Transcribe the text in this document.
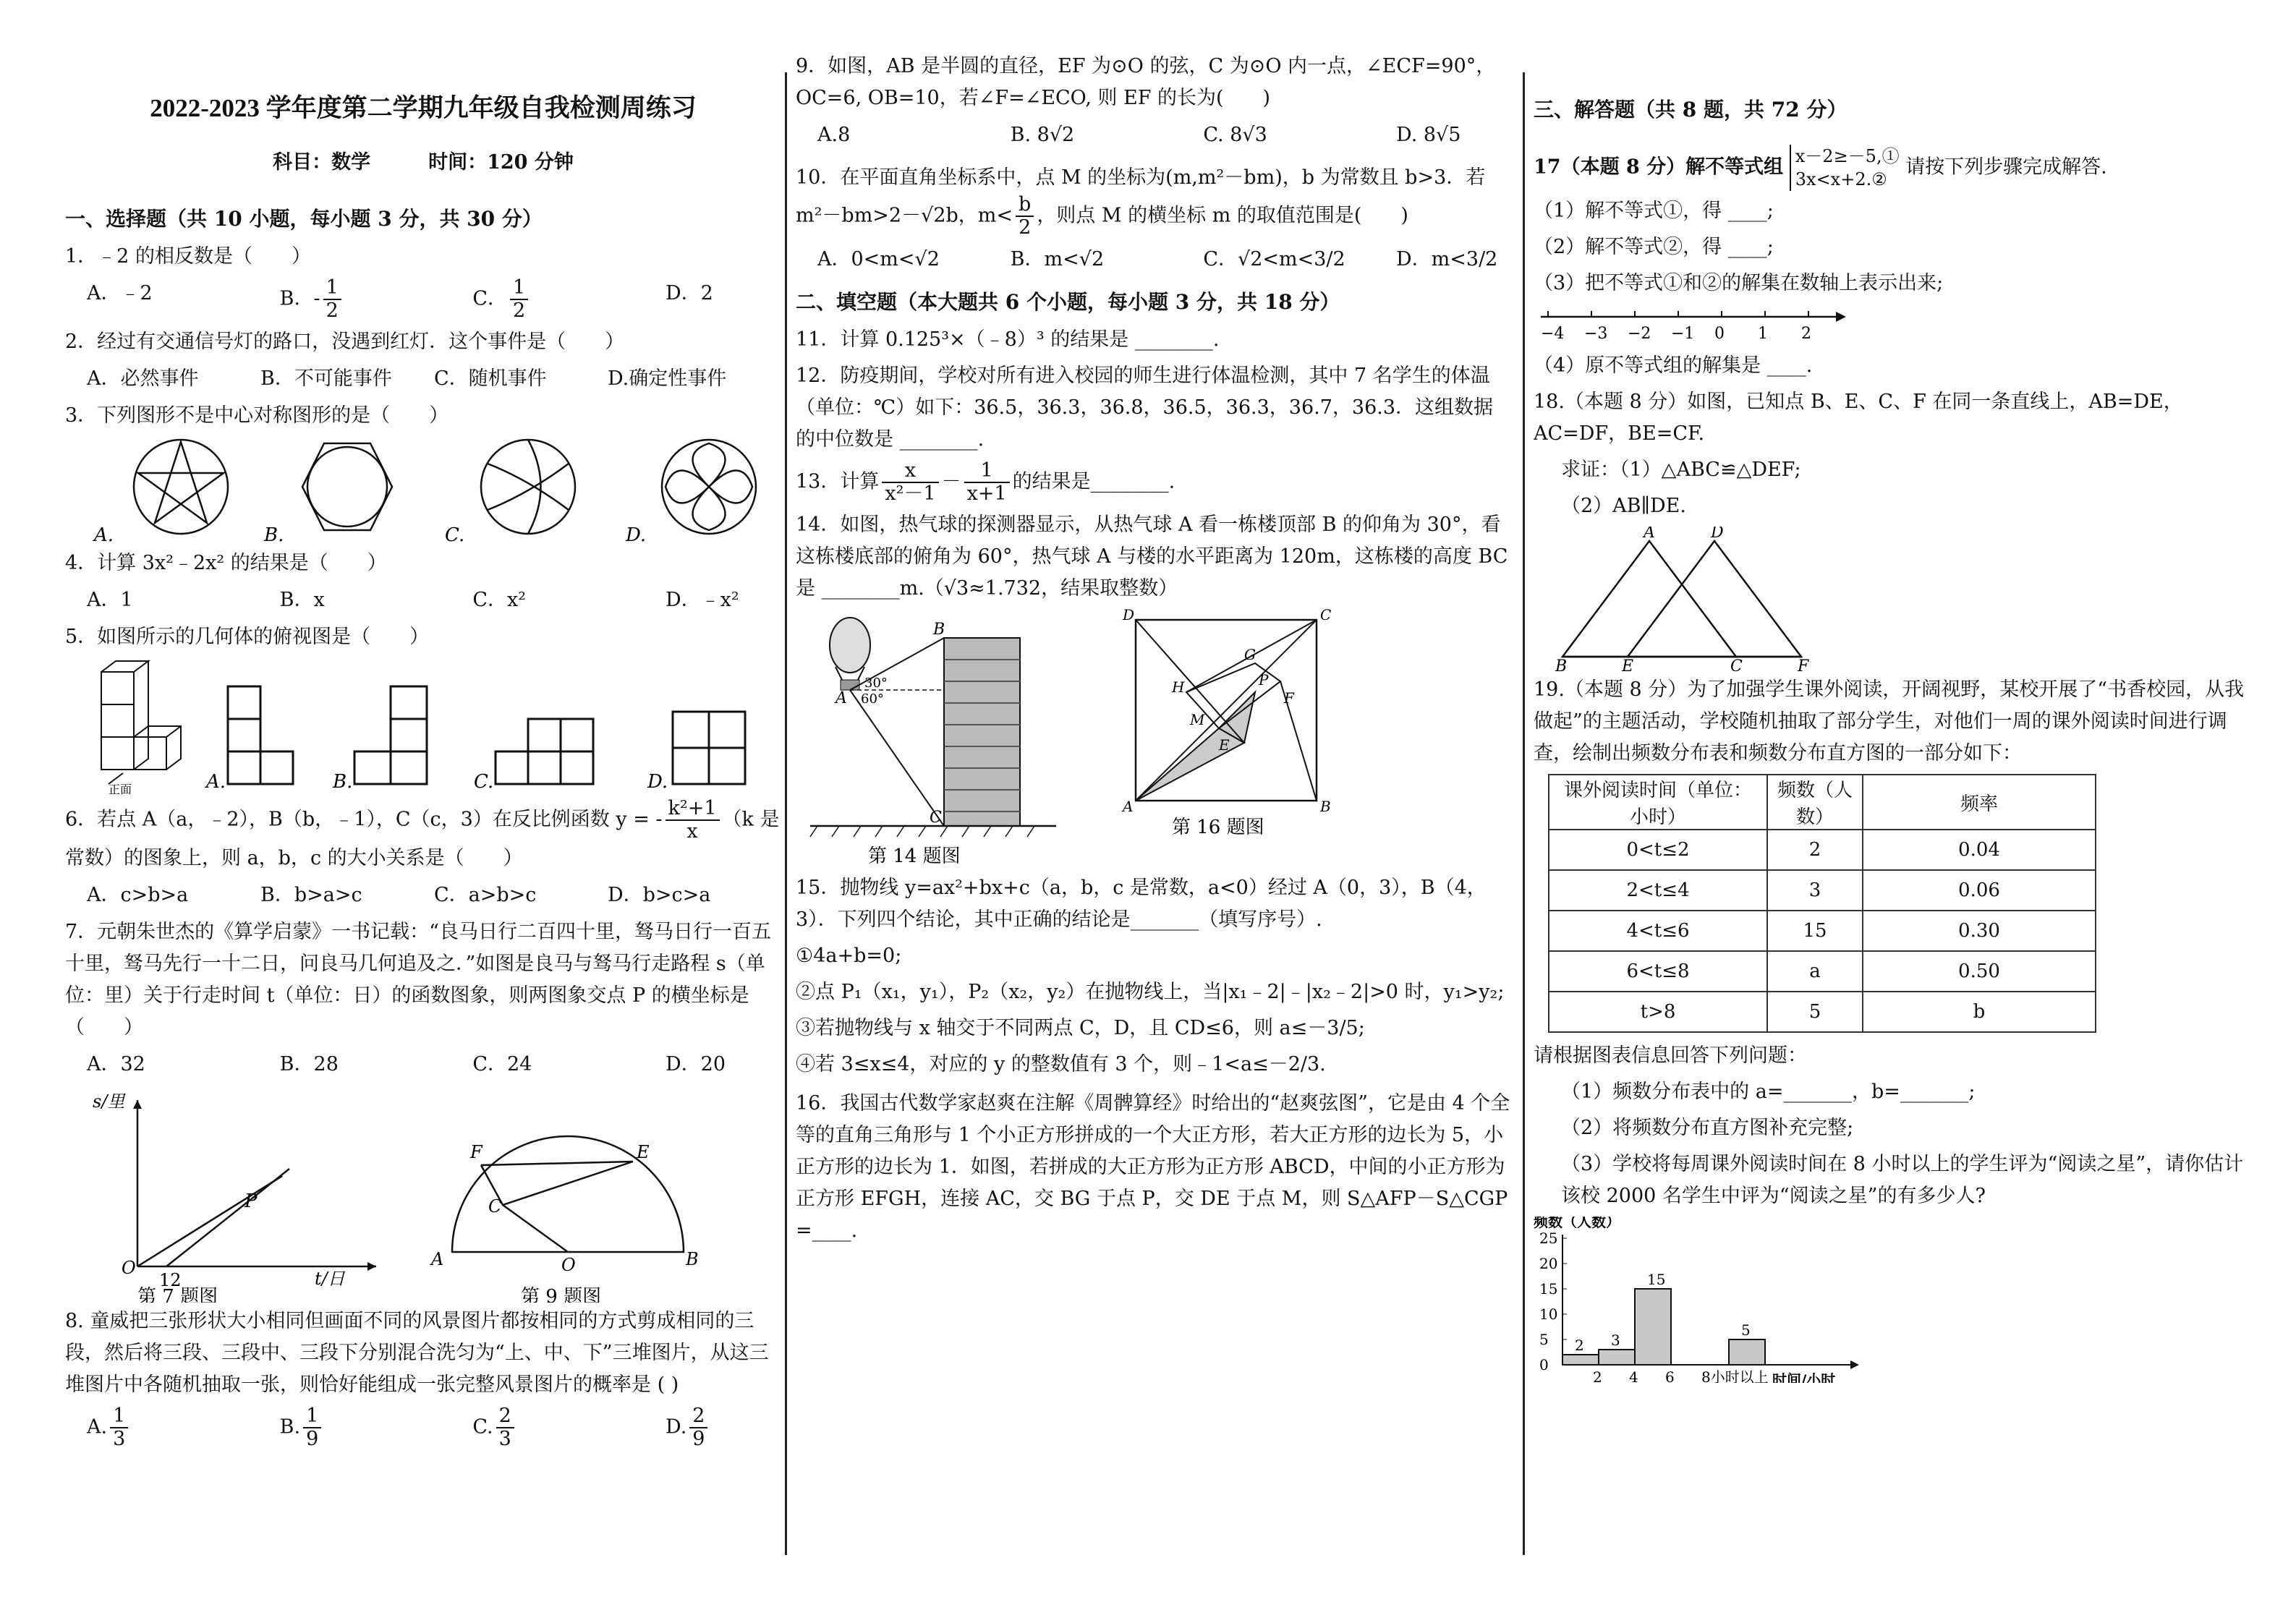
2022-2023 学年度第二学期九年级自我检测周练习
科目：数学	时间：120 分钟
一、选择题（共 10 小题，每小题 3 分，共 30 分）
1．﹣2 的相反数是（　　）
A．﹣2	B．- $\frac{1}{2}$	C． $\frac{1}{2}$	D．2
2．经过有交通信号灯的路口，没遇到红灯．这个事件是（　　）
A．必然事件	B．不可能事件	C．随机事件	D.确定性事件
3．下列图形不是中心对称图形的是（　　）
A.	B.	C.	D.
4．计算 3x²﹣2x² 的结果是（　　）
A．1	B．x	C．x²	D．﹣x²
5．如图所示的几何体的俯视图是（　　）
正面	A.	B.	C.	D.
6．若点 A（a，﹣2），B（b，﹣1），C（c，3）在反比例函数 y = - $\frac{\text{k²+1}}{x} (k$ 是
常数）的图象上，则 a，b，c 的大小关系是（　　）
A．c>b>a	B．b>a>c	C．a>b>c	D．b>c>a
7．元朝朱世杰的《算学启蒙》一书记载：“良马日行二百四十里，驽马日行一百五十里，驽马先行一十二日，问良马几何追及之．”如图是良马与驽马行走路程 s（单位：里）关于行走时间 t（单位：日）的函数图象，则两图象交点 P 的横坐标是（　　）
A．32	B．28	C．24	D．20
s/里
O
12	t/日
P
第 7 题图
A	B
O
C
E
F
第 9 题图
8. 童威把三张形状大小相同但画面不同的风景图片都按相同的方式剪成相同的三段，然后将三段、三段中、三段下分别混合洗匀为“上、中、下”三堆图片，从这三堆图片中各随机抽取一张，则恰好能组成一张完整风景图片的概率是 ( )
A. $\frac{1}{3}$	B. $\frac{1}{9}$	C. $\frac{2}{3}$	D. $\frac{2}{9}$
9．如图，AB 是半圆的直径，EF 为⊙O 的弦，C 为⊙O 内一点，∠ECF=90°，OC=6, OB=10，若∠F=∠ECO, 则 EF 的长为(　　)
A.8	B. 8√2	C. 8√3	D. 8√5
10．在平面直角坐标系中，点 M 的坐标为(m,m²－bm)，b 为常数且 b>3．若
m²－bm>2－√2b，$m< \frac{b}{2}$ ，则点 M 的横坐标 m 的取值范围是(　　)
A．0<m<√2	B．m<√2	C．√2<m<3/2	D．m<3/2
二、填空题（本大题共 6 个小题，每小题 3 分，共 18 分）
11．计算 0.125³×（﹣8）³ 的结果是 ________.
12．防疫期间，学校对所有进入校园的师生进行体温检测，其中 7 名学生的体温（单位：℃）如下：36.5，36.3，36.8，36.5，36.3，36.7，36.3．这组数据的中位数是 ________.
13．计算 $\frac{x}{\text{x²－1}} - \frac{1}{x+1}$ 的结果是________.
14．如图，热气球的探测器显示，从热气球 A 看一栋楼顶部 B 的仰角为 30°，看这栋楼底部的俯角为 60°，热气球 A 与楼的水平距离为 120m，这栋楼的高度 BC 是 ________m.（√3≈1.732，结果取整数）
30°
60°
A
B
C
第 14 题图
D	C
A	B
G
H
F
M
P
E
第 16 题图
15．抛物线 y=ax²+bx+c（a，b，c 是常数，a<0）经过 A（0，3），B（4，3）．下列四个结论，其中正确的结论是_______（填写序号）.
①4a+b=0;
②点 P₁（x₁，y₁），P₂（x₂，y₂）在抛物线上，当|x₁﹣2|﹣|x₂﹣2|>0 时，y₁>y₂;
③若抛物线与 x 轴交于不同两点 C，D，且 CD≤6，则 a≤－3/5;
④若 3≤x≤4，对应的 y 的整数值有 3 个，则﹣1<a≤－2/3.
16．我国古代数学家赵爽在注解《周髀算经》时给出的“赵爽弦图”，它是由 4 个全等的直角三角形与 1 个小正方形拼成的一个大正方形，若大正方形的边长为 5，小正方形的边长为 1．如图，若拼成的大正方形为正方形 ABCD，中间的小正方形为正方形 EFGH，连接 AC，交 BG 于点 P，交 DE 于点 M，则 S△AFP－S△CGP =____.
三、解答题（共 8 题，共 72 分）
17（本题 8 分）解不等式组 x－2≥－5,①
3x<x+2.②
请按下列步骤完成解答.
（1）解不等式①，得 ____;
（2）解不等式②，得 ____;
（3）把不等式①和②的解集在数轴上表示出来;
−4 −3 −2 −1 0 1 2
（4）原不等式组的解集是 ____.
18.（本题 8 分）如图，已知点 B、E、C、F 在同一条直线上，AB=DE，AC=DF，BE=CF.
求证：（1）△ABC≌△DEF;
（2）AB∥DE.
A	D
B	E	C	F
19.（本题 8 分）为了加强学生课外阅读，开阔视野，某校开展了“书香校园，从我做起”的主题活动，学校随机抽取了部分学生，对他们一周的课外阅读时间进行调查，绘制出频数分布表和频数分布直方图的一部分如下：
课外阅读时间（单位：小时）	频数（人数）	频率
0<t≤2	2	0.04
2<t≤4	3	0.06
4<t≤6	15	0.30
6<t≤8	a	0.50
t>8	5	b
请根据图表信息回答下列问题：
（1）频数分布表中的 a=_______，b=_______;
（2）将频数分布直方图补充完整;
（3）学校将每周课外阅读时间在 8 小时以上的学生评为“阅读之星”，请你估计该校 2000 名学生中评为“阅读之星”的有多少人?
频数（人数）
0
5
10
15
20
25
2 3
15
5
2 4 6 8小时以上 时间/小时
